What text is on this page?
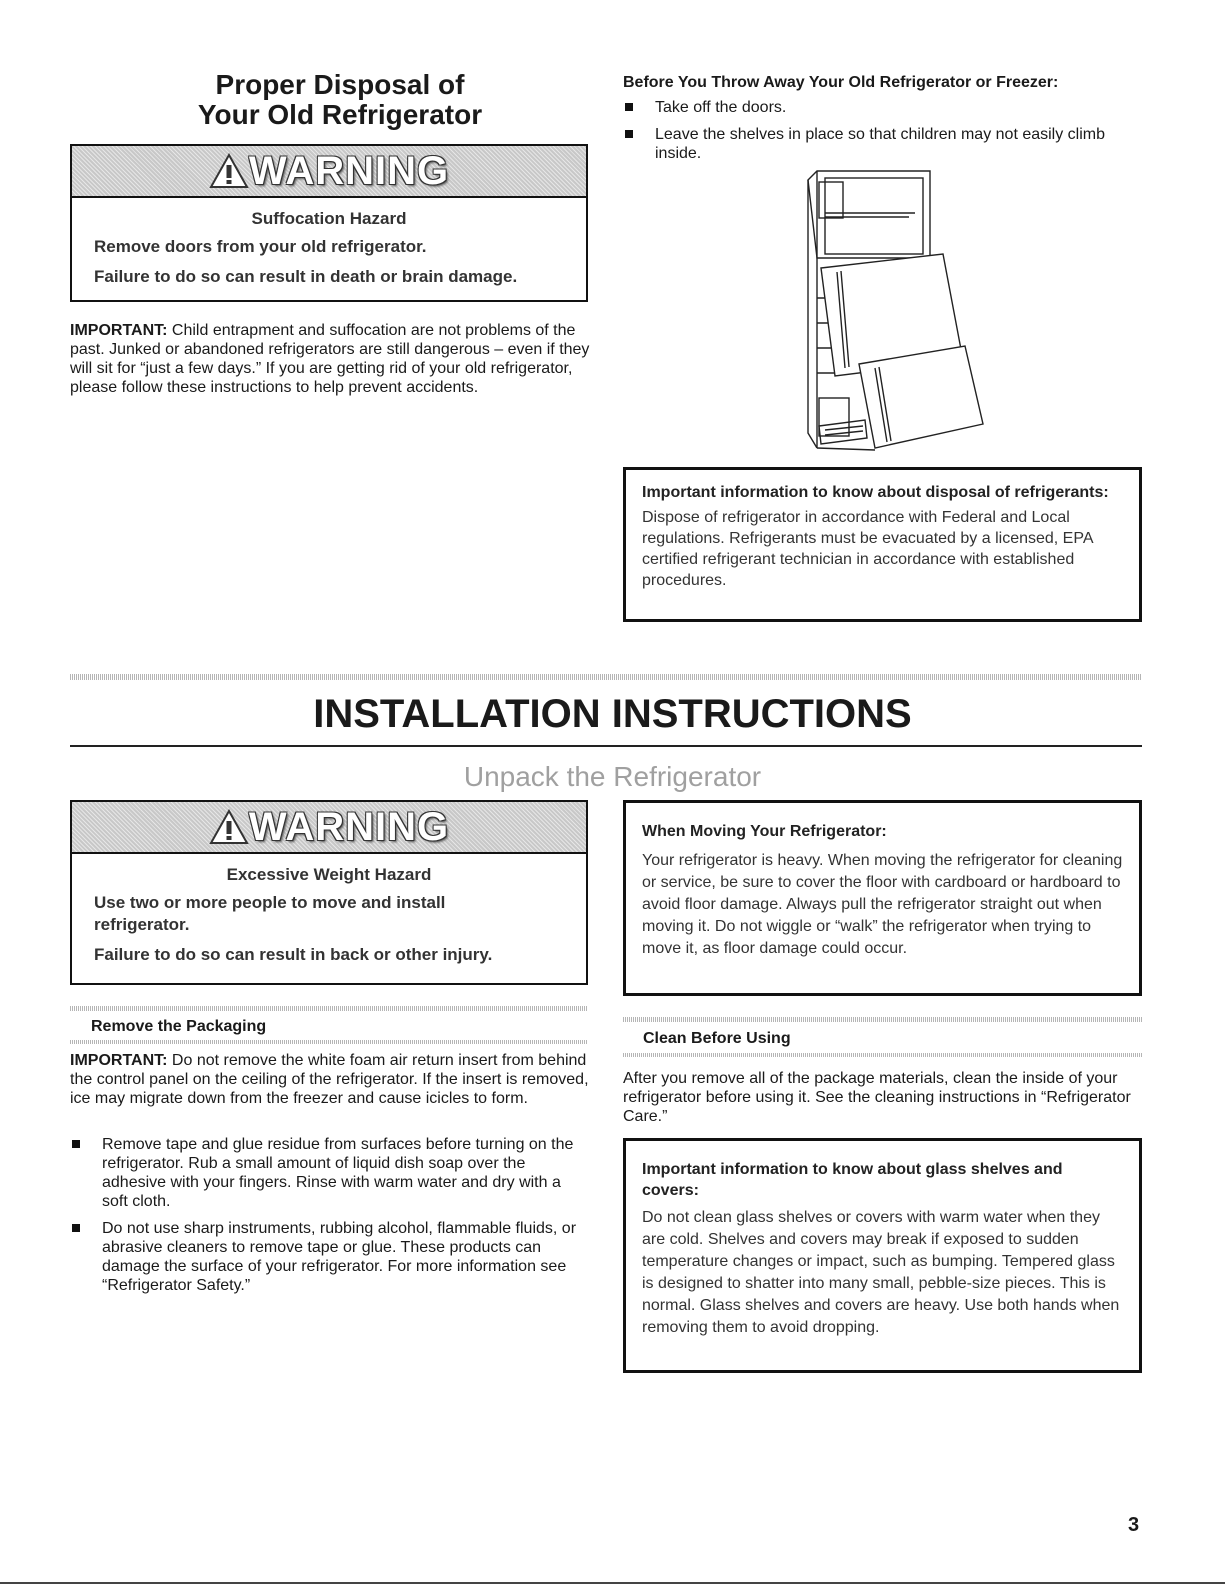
Proper Disposal of
Your Old Refrigerator
WARNING
Suffocation Hazard

Remove doors from your old refrigerator.

Failure to do so can result in death or brain damage.

IMPORTANT: Child entrapment and suffocation are not problems of the past. Junked or abandoned refrigerators are still dangerous – even if they will sit for “just a few days.” If you are getting rid of your old refrigerator, please follow these instructions to help prevent accidents.
Before You Throw Away Your Old Refrigerator or Freezer:
Take off the doors.
Leave the shelves in place so that children may not easily climb inside.
Important information to know about disposal of refrigerants:
Dispose of refrigerator in accordance with Federal and Local regulations. Refrigerants must be evacuated by a licensed, EPA certified refrigerant technician in accordance with established procedures.
INSTALLATION INSTRUCTIONS
Unpack the Refrigerator
WARNING
Excessive Weight Hazard

Use two or more people to move and install refrigerator.

Failure to do so can result in back or other injury.

Remove the Packaging
IMPORTANT: Do not remove the white foam air return insert from behind the control panel on the ceiling of the refrigerator. If the insert is removed, ice may migrate down from the freezer and cause icicles to form.
Remove tape and glue residue from surfaces before turning on the refrigerator. Rub a small amount of liquid dish soap over the adhesive with your fingers. Rinse with warm water and dry with a soft cloth.
Do not use sharp instruments, rubbing alcohol, flammable fluids, or abrasive cleaners to remove tape or glue. These products can damage the surface of your refrigerator. For more information see “Refrigerator Safety.”
When Moving Your Refrigerator:
Your refrigerator is heavy. When moving the refrigerator for cleaning or service, be sure to cover the floor with cardboard or hardboard to avoid floor damage. Always pull the refrigerator straight out when moving it. Do not wiggle or “walk” the refrigerator when trying to move it, as floor damage could occur.
Clean Before Using
After you remove all of the package materials, clean the inside of your refrigerator before using it. See the cleaning instructions in “Refrigerator Care.”
Important information to know about glass shelves and covers:
Do not clean glass shelves or covers with warm water when they are cold. Shelves and covers may break if exposed to sudden temperature changes or impact, such as bumping. Tempered glass is designed to shatter into many small, pebble-size pieces. This is normal. Glass shelves and covers are heavy. Use both hands when removing them to avoid dropping.
3
